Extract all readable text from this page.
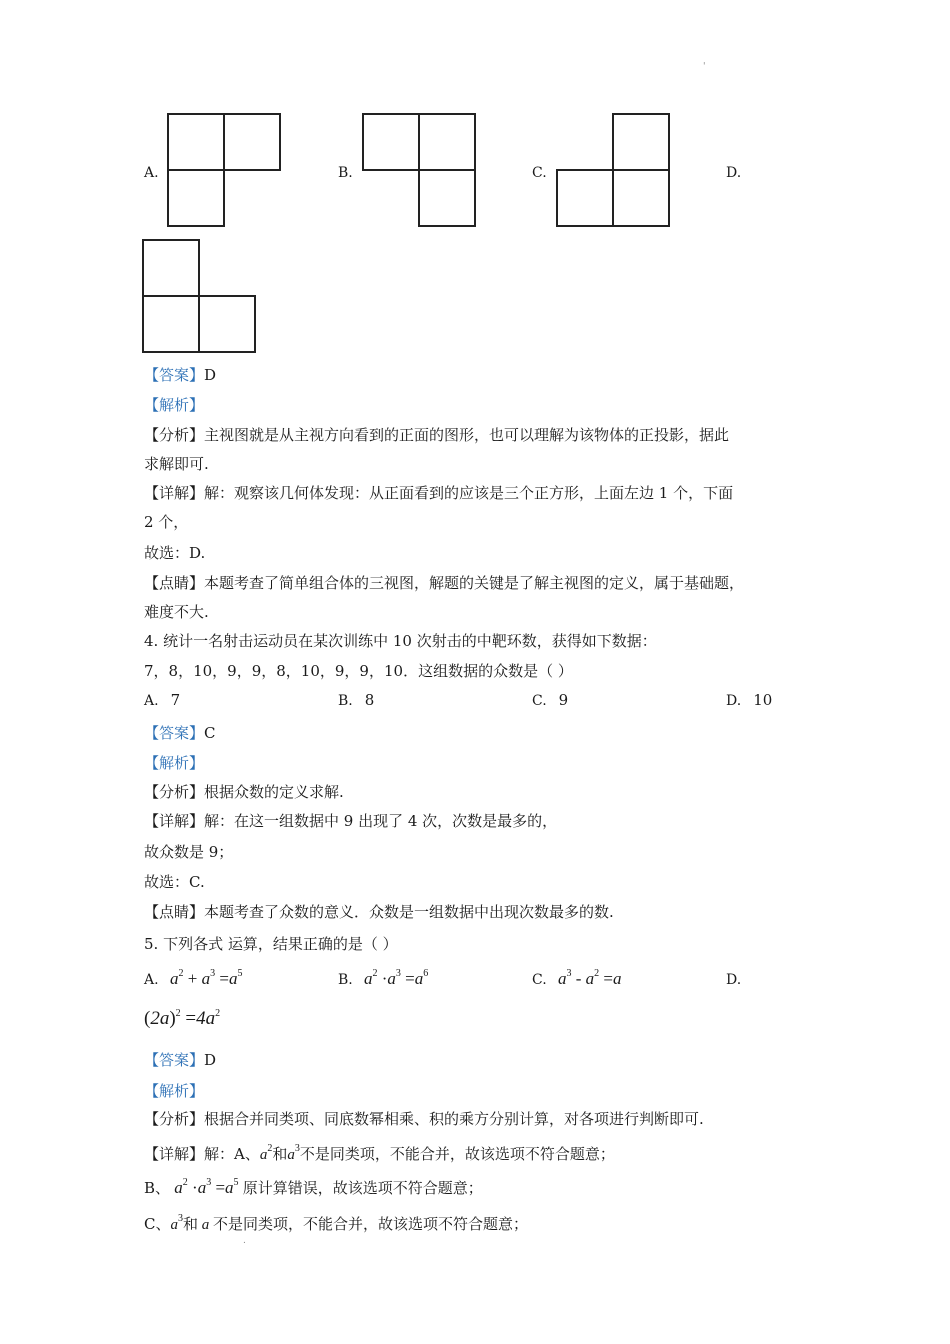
'
.
A.	B.	C.	D.
【答案】D
【解析】
【分析】主视图就是从主视方向看到的正面的图形，也可以理解为该物体的正投影，据此
求解即可.
【详解】解：观察该几何体发现：从正面看到的应该是三个正方形，上面左边 1 个，下面
2 个，
故选：D.
【点睛】本题考查了简单组合体的三视图，解题的关键是了解主视图的定义，属于基础题，
难度不大.
4. 统计一名射击运动员在某次训练中 10 次射击的中靶环数，获得如下数据：
7，8，10，9，9，8，10，9，9，10．这组数据的众数是（ ）
A. 7	B. 8	C. 9	D. 10
【答案】C
【解析】
【分析】根据众数的定义求解.
【详解】解：在这一组数据中 9 出现了 4 次，次数是最多的，
故众数是 9；
故选：C.
【点睛】本题考查了众数的意义．众数是一组数据中出现次数最多的数.
5. 下列各式 运算，结果正确的是（ ）
A. $a^2 + a^3 =a^5$	B. $a^2 \cdot a^3 =a^6$	C. $a^3 - a^2 =a$	D.
$(2a)^2 =4a^2$
【答案】D
【解析】
【分析】根据合并同类项、同底数幂相乘、积的乘方分别计算，对各项进行判断即可.
【详解】解：A、$a^2$和$a^3$不是同类项，不能合并，故该选项不符合题意；
B、 $a^2 \cdot a^3 =a^5$ 原计算错误，故该选项不符合题意；
C、$a^3$和 a 不是同类项，不能合并，故该选项不符合题意；
